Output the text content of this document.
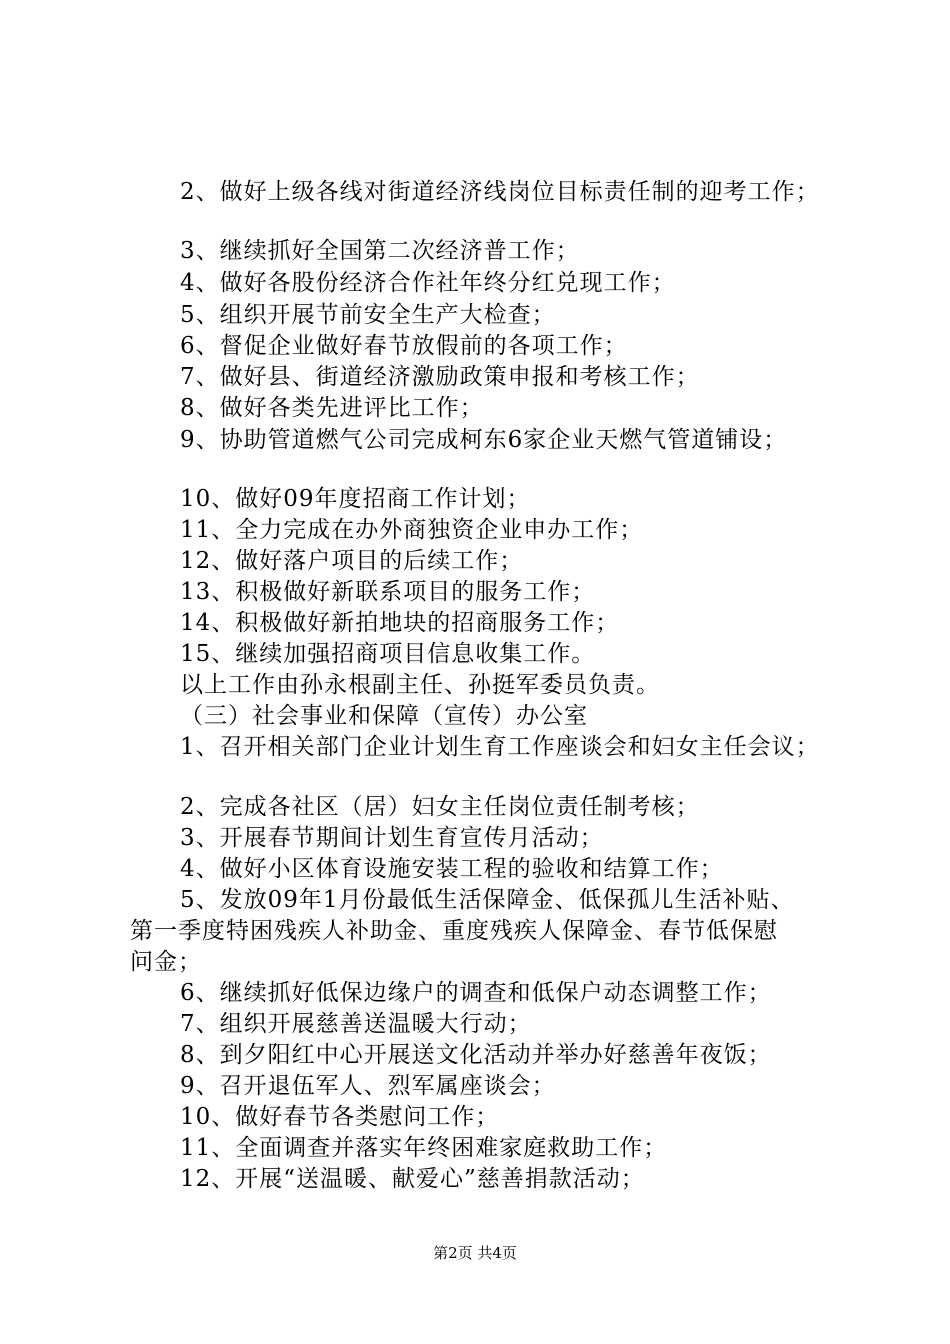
2、做好上级各线对街道经济线岗位目标责任制的迎考工作；
3、继续抓好全国第二次经济普工作；
4、做好各股份经济合作社年终分红兑现工作；
5、组织开展节前安全生产大检查；
6、督促企业做好春节放假前的各项工作；
7、做好县、街道经济激励政策申报和考核工作；
8、做好各类先进评比工作；
9、协助管道燃气公司完成柯东6家企业天燃气管道铺设；
10、做好09年度招商工作计划；
11、全力完成在办外商独资企业申办工作；
12、做好落户项目的后续工作；
13、积极做好新联系项目的服务工作；
14、积极做好新拍地块的招商服务工作；
15、继续加强招商项目信息收集工作。
以上工作由孙永根副主任、孙挺军委员负责。
（三）社会事业和保障（宣传）办公室
1、召开相关部门企业计划生育工作座谈会和妇女主任会议；
2、完成各社区（居）妇女主任岗位责任制考核；
3、开展春节期间计划生育宣传月活动；
4、做好小区体育设施安装工程的验收和结算工作；
5、发放09年1月份最低生活保障金、低保孤儿生活补贴、
第一季度特困残疾人补助金、重度残疾人保障金、春节低保慰
问金；
6、继续抓好低保边缘户的调查和低保户动态调整工作；
7、组织开展慈善送温暖大行动；
8、到夕阳红中心开展送文化活动并举办好慈善年夜饭；
9、召开退伍军人、烈军属座谈会；
10、做好春节各类慰问工作；
11、全面调查并落实年终困难家庭救助工作；
12、开展“送温暖、献爱心”慈善捐款活动；
第2页 共4页
